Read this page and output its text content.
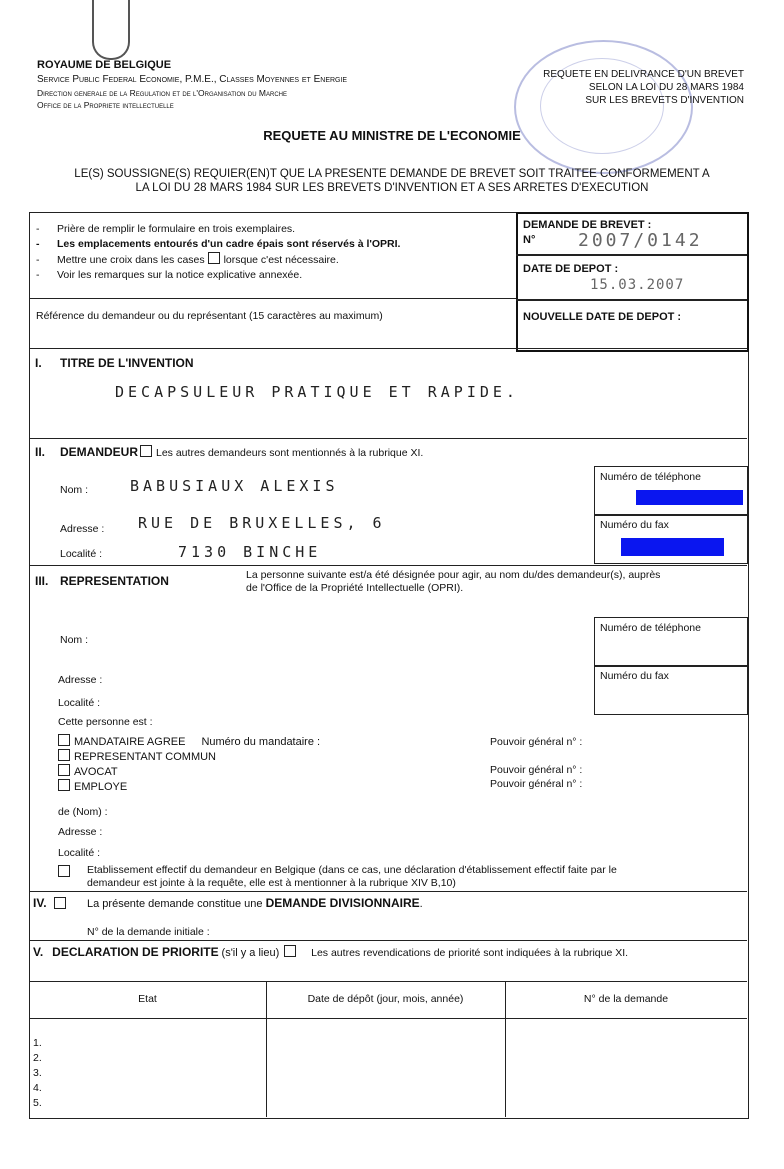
ROYAUME DE BELGIQUE
Service Public Federal Economie, P.M.E., Classes Moyennes et Energie
Direction generale de la Regulation et de l'Organisation du Marche
Office de la Propriete intellectuelle
REQUETE EN DELIVRANCE D'UN BREVET
SELON LA LOI DU 28 MARS 1984
SUR LES BREVETS D'INVENTION
REQUETE AU MINISTRE DE L'ECONOMIE
LE(S) SOUSSIGNE(S) REQUIER(EN)T QUE LA PRESENTE DEMANDE DE BREVET SOIT TRAITEE CONFORMEMENT A
LA LOI DU 28 MARS 1984 SUR LES BREVETS D'INVENTION ET A SES ARRETES D'EXECUTION
-      Prière de remplir le formulaire en trois exemplaires.
-      Les emplacements entourés d'un cadre épais sont réservés à l'OPRI.
-      Mettre une croix dans les cases lorsque c'est nécessaire.
-      Voir les remarques sur la notice explicative annexée.
Référence du demandeur ou du représentant (15 caractères au maximum)
DEMANDE DE BREVET :
N° 2007/0142
DATE DE DEPOT :
15.03.2007
NOUVELLE DATE DE DEPOT :
I. TITRE DE L'INVENTION
DECAPSULEUR PRATIQUE ET RAPIDE.
II. DEMANDEUR Les autres demandeurs sont mentionnés à la rubrique XI.
Nom :	BABUSIAUX ALEXIS
Adresse : RUE DE BRUXELLES, 6
Localité :	7130 BINCHE
Numéro de téléphone
Numéro du fax
III. REPRESENTATION	La personne suivante est/a été désignée pour agir, au nom du/des demandeur(s), auprès
de l'Office de la Propriété Intellectuelle (OPRI).
Numéro de téléphone
Numéro du fax
Nom :
Adresse :
Localité :
Cette personne est :
MANDATAIRE AGREE Numéro du mandataire :
REPRESENTANT COMMUN
AVOCAT
EMPLOYE
Pouvoir général n° :
Pouvoir général n° :
Pouvoir général n° :
de (Nom) :
Adresse :
Localité :
Etablissement effectif du demandeur en Belgique (dans ce cas, une déclaration d'établissement effectif faite par le
demandeur est jointe à la requête, elle est à mentionner à la rubrique XIV B,10)
IV.	La présente demande constitue une DEMANDE DIVISIONNAIRE.
N° de la demande initiale :
V. DECLARATION DE PRIORITE (s'il y a lieu)	Les autres revendications de priorité sont indiquées à la rubrique XI.
Etat	Date de dépôt (jour, mois, année)	N° de la demande
1.
2.
3.
4.
5.
